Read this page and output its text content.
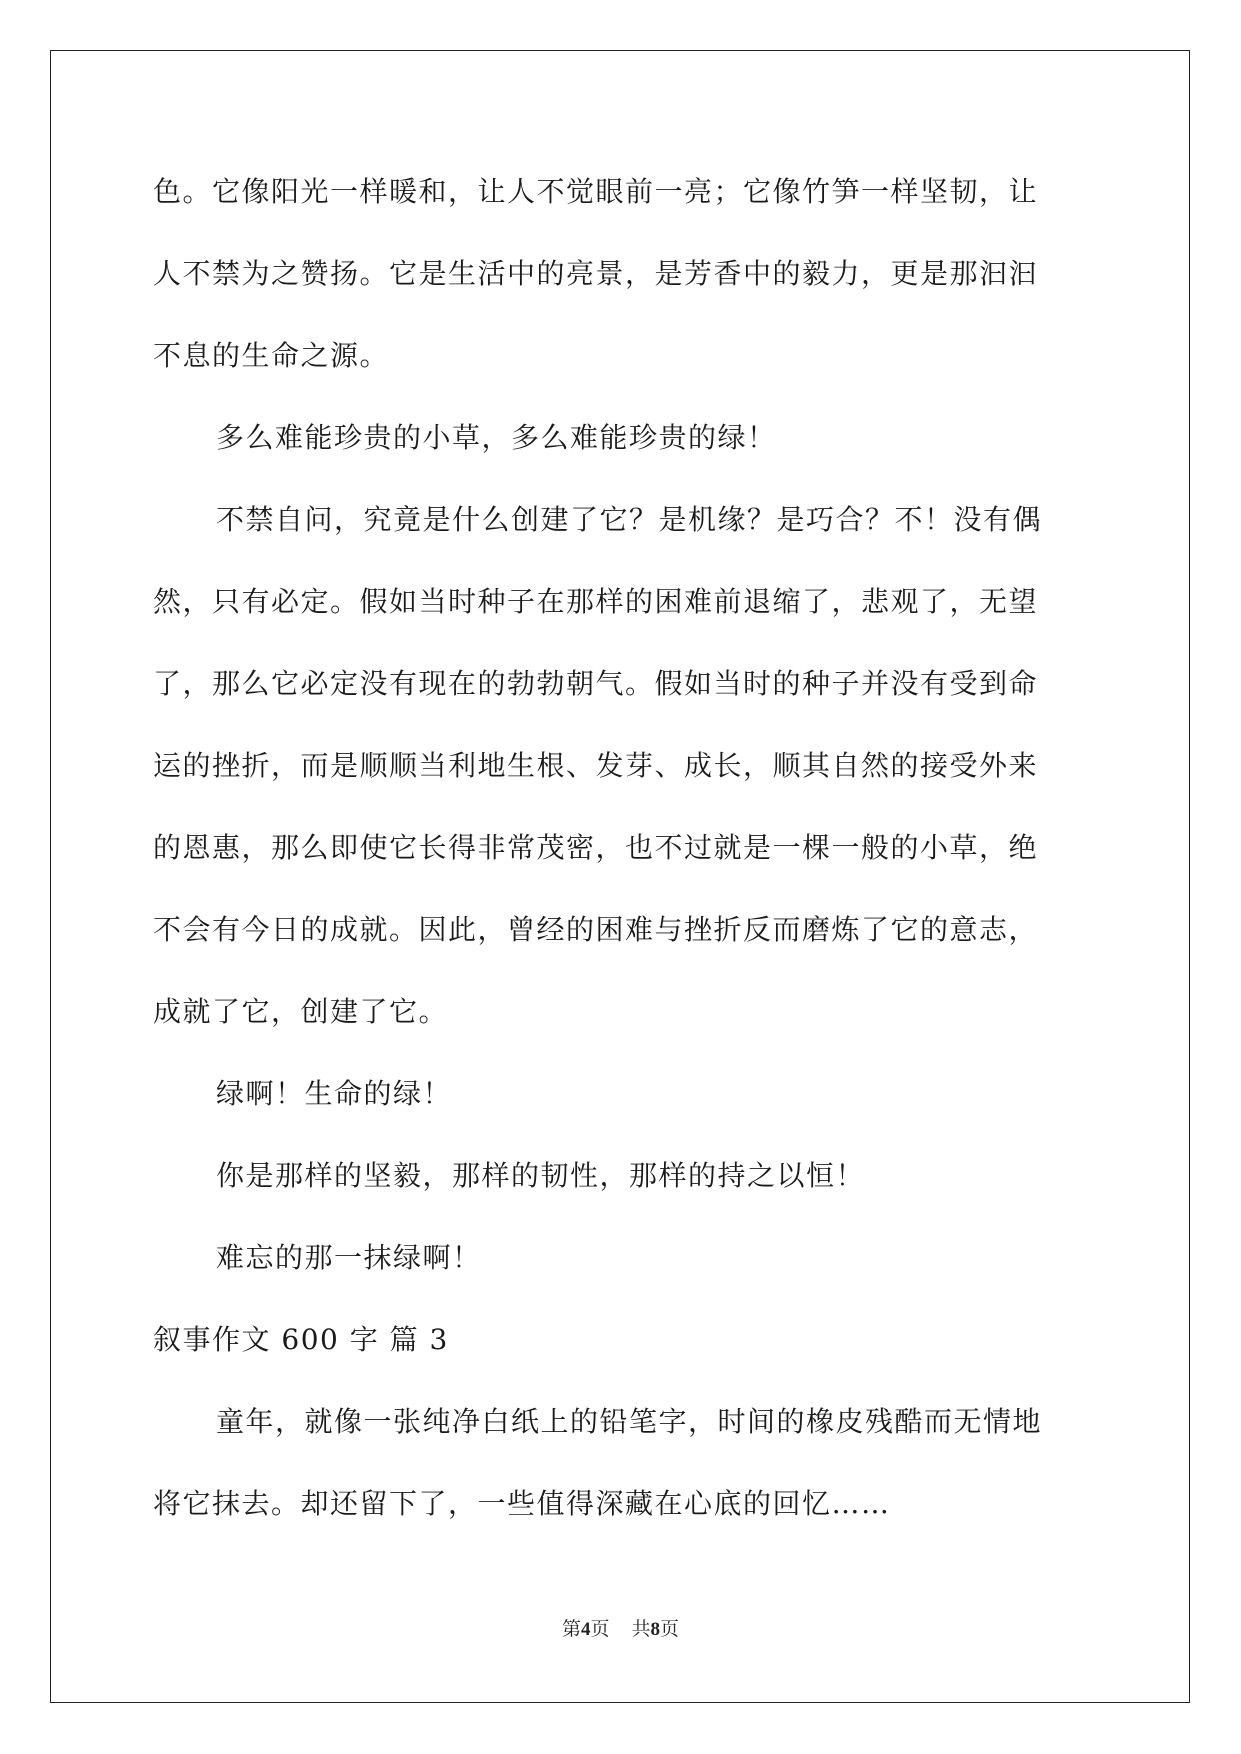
色。它像阳光一样暖和，让人不觉眼前一亮；它像竹笋一样坚韧，让
人不禁为之赞扬。它是生活中的亮景，是芳香中的毅力，更是那汩汩
不息的生命之源。
多么难能珍贵的小草，多么难能珍贵的绿！
不禁自问，究竟是什么创建了它？是机缘？是巧合？不！没有偶
然，只有必定。假如当时种子在那样的困难前退缩了，悲观了，无望
了，那么它必定没有现在的勃勃朝气。假如当时的种子并没有受到命
运的挫折，而是顺顺当利地生根、发芽、成长，顺其自然的接受外来
的恩惠，那么即使它长得非常茂密，也不过就是一棵一般的小草，绝
不会有今日的成就。因此，曾经的困难与挫折反而磨炼了它的意志，
成就了它，创建了它。
绿啊！生命的绿！
你是那样的坚毅，那样的韧性，那样的持之以恒！
难忘的那一抹绿啊！
叙事作文 600 字 篇 3
童年，就像一张纯净白纸上的铅笔字，时间的橡皮残酷而无情地
将它抹去。却还留下了，一些值得深藏在心底的回忆……
第4页 共8页
